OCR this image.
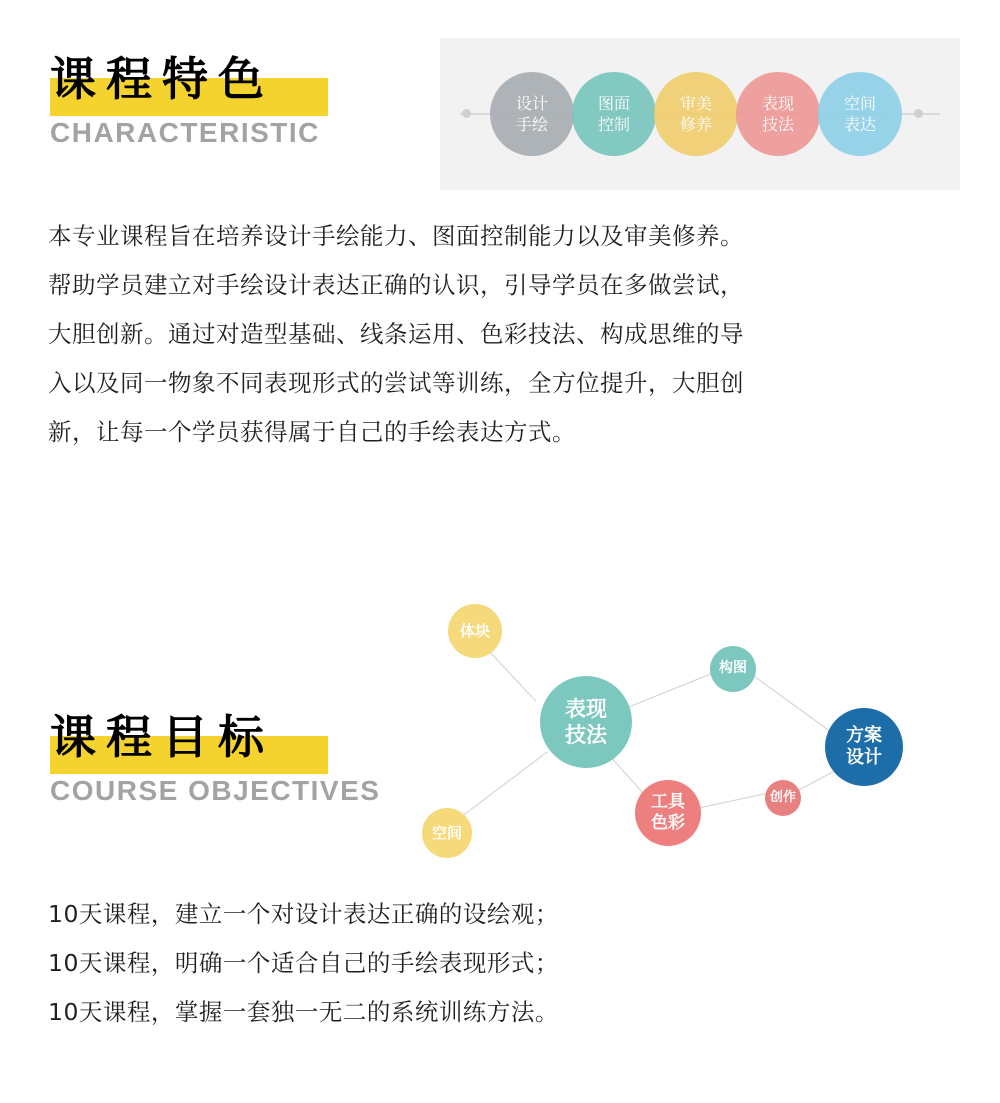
课程特色
CHARACTERISTIC
设计
手绘
图面
控制
审美
修养
表现
技法
空间
表达

本专业课程旨在培养设计手绘能力、图面控制能力以及审美修养。

帮助学员建立对手绘设计表达正确的认识，引导学员在多做尝试，

大胆创新。通过对造型基础、线条运用、色彩技法、构成思维的导

入以及同一物象不同表现形式的尝试等训练，全方位提升，大胆创

新，让每一个学员获得属于自己的手绘表达方式。

课程目标
COURSE OBJECTIVES
体块
构图
表现
技法	方案
设计
创作
工具
色彩
空间

10天课程，建立一个对设计表达正确的设绘观；

10天课程，明确一个适合自己的手绘表现形式；

10天课程，掌握一套独一无二的系统训练方法。
